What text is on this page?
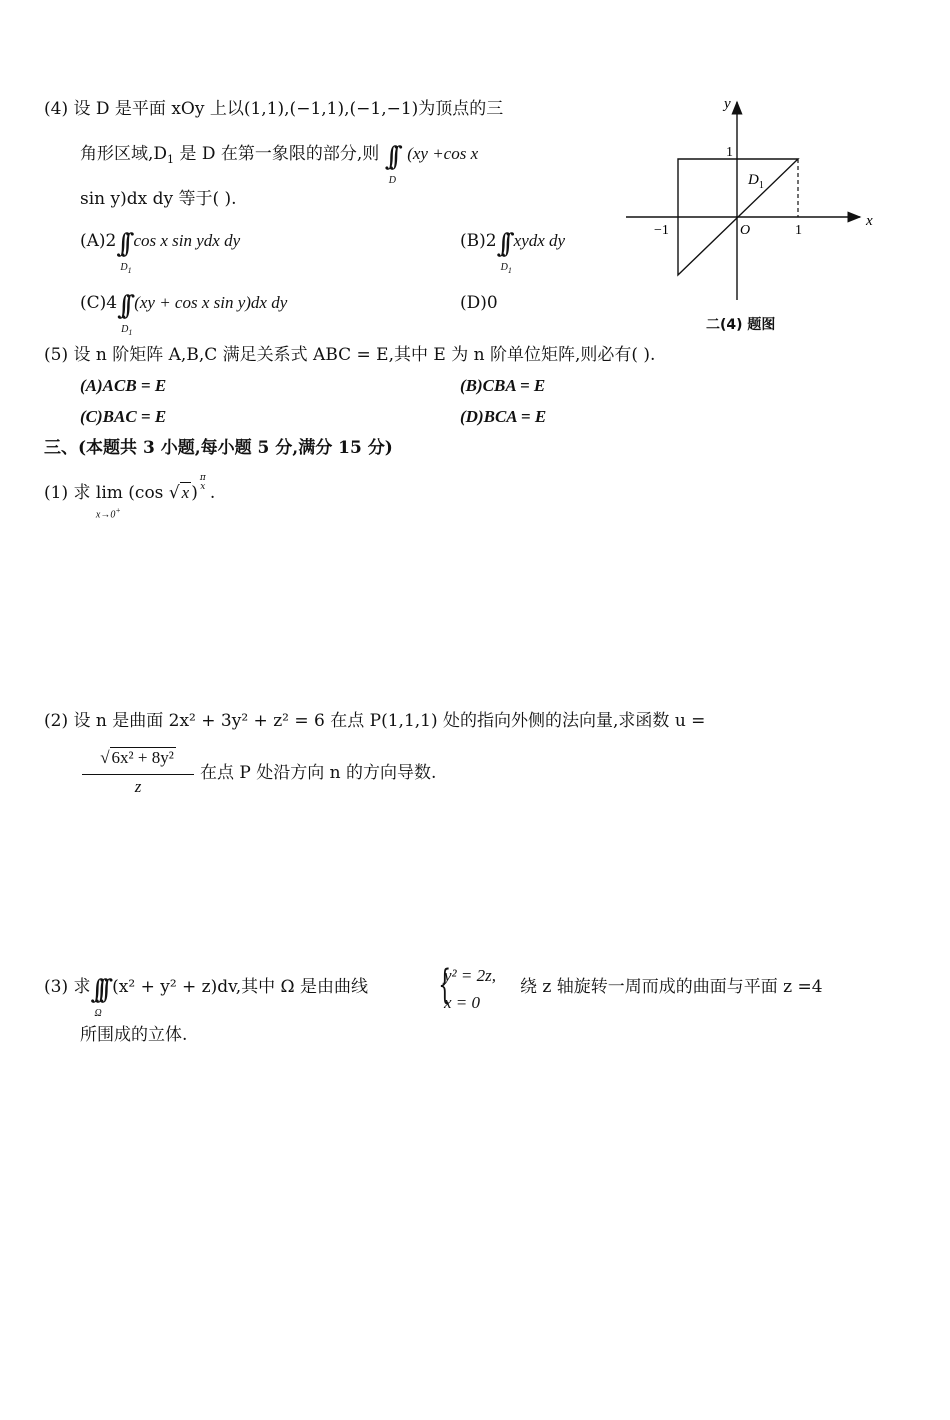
(4) 设 D 是平面 xOy 上以(1,1),(−1,1),(−1,−1)为顶点的三
角形区域$,D_1$ 是 D 在第一象限的部分,则 ∫∫
D
(xy +cos x
sin y)dx dy 等于( ).
(A)2∫∫
$D_1$
cos x sin ydx dy	(B)2∫∫
$D_1$
xydx dy
(C)4∫∫
$D_1$
(xy + cos x sin y)dx dy	(D)0
y
x
O
−1	1
1
$D_1$
二(4) 题图
(5) 设 n 阶矩阵 A,B,C 满足关系式 ABC = E,其中 E 为 n 阶单位矩阵,则必有( ).
(A)ACB = E	(B)CBA = E
(C)BAC = E	(D)BCA = E
三、(本题共 3 小题,每小题 5 分,满分 15 分)
(1) 求 lim
x→0+
(cos √ x )
π
x .
(2) 设 n 是曲面 2x² + 3y² + z² = 6 在点 P(1,1,1) 处的指向外侧的法向量,求函数 u =
√ 6x² + 8y²
z
在点 P 处沿方向 n 的方向导数.
(3) 求∫∫∫
Ω
(x² + y² + z)dv,其中 Ω 是由曲线 {
y² = 2z,
x = 0
绕 z 轴旋转一周而成的曲面与平面 z =4
所围成的立体.
